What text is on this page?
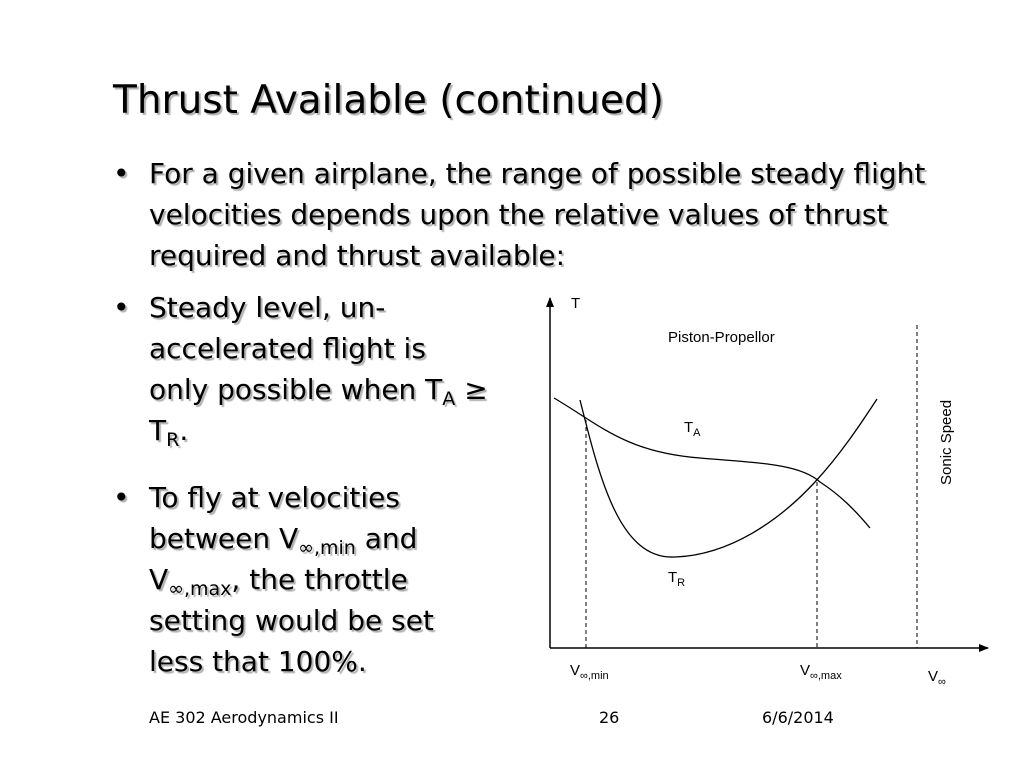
Thrust Available (continued)
• For a given airplane, the range of possible steady flight velocities depends upon the relative values of thrust required and thrust available:
• Steady level, un-accelerated flight is only possible when $T_A \ge T_R$.
• To fly at velocities between $V_{\infty,min}$ and $V_{\infty,max}$, the throttle setting would be set less that 100%.
T
$V_\infty$
Piston-Propellor
$T_A$
$T_R$
$V_{\infty,min}$	$V_{\infty,max}$
Sonic Speed
AE 302 Aerodynamics II	26	6/6/2014
